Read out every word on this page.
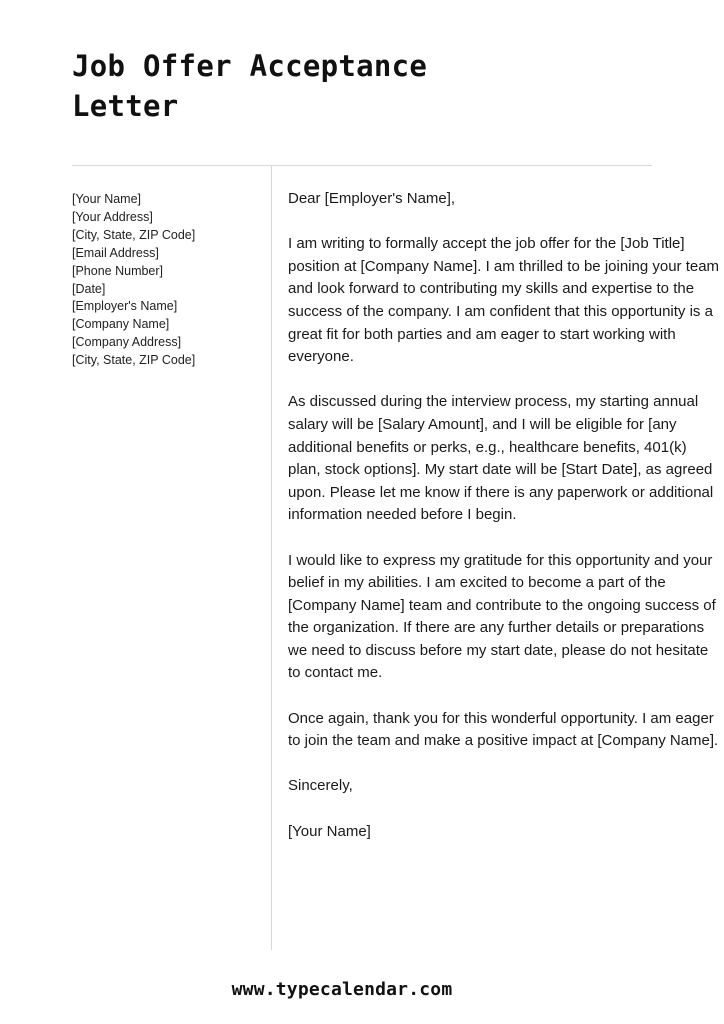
Job Offer Acceptance
Letter
[Your Name]
[Your Address]
[City, State, ZIP Code]
[Email Address]
[Phone Number]
[Date]
[Employer's Name]
[Company Name]
[Company Address]
[City, State, ZIP Code]

Dear [Employer's Name],

I am writing to formally accept the job offer for the [Job Title] position at [Company Name]. I am thrilled to be joining your team and look forward to contributing my skills and expertise to the success of the company. I am confident that this opportunity is a great fit for both parties and am eager to start working with everyone.

As discussed during the interview process, my starting annual salary will be [Salary Amount], and I will be eligible for [any additional benefits or perks, e.g., healthcare benefits, 401(k) plan, stock options]. My start date will be [Start Date], as agreed upon. Please let me know if there is any paperwork or additional information needed before I begin.

I would like to express my gratitude for this opportunity and your belief in my abilities. I am excited to become a part of the [Company Name] team and contribute to the ongoing success of the organization. If there are any further details or preparations we need to discuss before my start date, please do not hesitate to contact me.

Once again, thank you for this wonderful opportunity. I am eager to join the team and make a positive impact at [Company Name].

Sincerely,

[Your Name]

www.typecalendar.com
